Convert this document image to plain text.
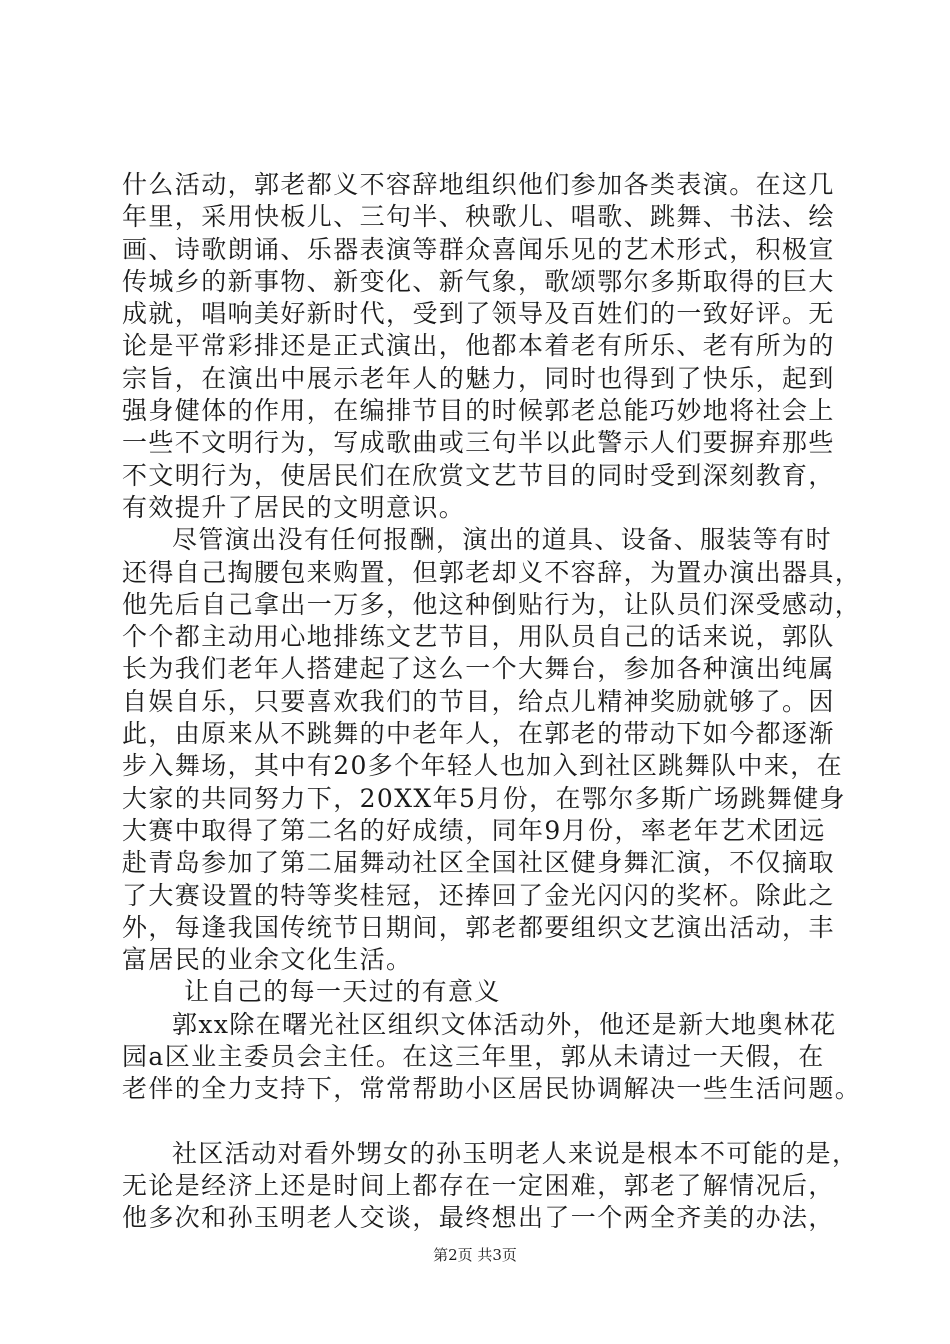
什么活动，郭老都义不容辞地组织他们参加各类表演。在这几
年里，采用快板儿、三句半、秧歌儿、唱歌、跳舞、书法、绘
画、诗歌朗诵、乐器表演等群众喜闻乐见的艺术形式，积极宣
传城乡的新事物、新变化、新气象，歌颂鄂尔多斯取得的巨大
成就，唱响美好新时代，受到了领导及百姓们的一致好评。无
论是平常彩排还是正式演出，他都本着老有所乐、老有所为的
宗旨，在演出中展示老年人的魅力，同时也得到了快乐，起到
强身健体的作用，在编排节目的时候郭老总能巧妙地将社会上
一些不文明行为，写成歌曲或三句半以此警示人们要摒弃那些
不文明行为，使居民们在欣赏文艺节目的同时受到深刻教育，
有效提升了居民的文明意识。
尽管演出没有任何报酬，演出的道具、设备、服装等有时
还得自己掏腰包来购置，但郭老却义不容辞，为置办演出器具，
他先后自己拿出一万多，他这种倒贴行为，让队员们深受感动，
个个都主动用心地排练文艺节目，用队员自己的话来说，郭队
长为我们老年人搭建起了这么一个大舞台，参加各种演出纯属
自娱自乐，只要喜欢我们的节目，给点儿精神奖励就够了。因
此，由原来从不跳舞的中老年人，在郭老的带动下如今都逐渐
步入舞场，其中有20多个年轻人也加入到社区跳舞队中来，在
大家的共同努力下，20XX年5月份，在鄂尔多斯广场跳舞健身
大赛中取得了第二名的好成绩，同年9月份，率老年艺术团远
赴青岛参加了第二届舞动社区全国社区健身舞汇演，不仅摘取
了大赛设置的特等奖桂冠，还捧回了金光闪闪的奖杯。除此之
外，每逢我国传统节日期间，郭老都要组织文艺演出活动，丰
富居民的业余文化生活。
让自己的每一天过的有意义
郭xx除在曙光社区组织文体活动外，他还是新大地奥林花
园a区业主委员会主任。在这三年里，郭从未请过一天假，在
老伴的全力支持下，常常帮助小区居民协调解决一些生活问题。
社区活动对看外甥女的孙玉明老人来说是根本不可能的是，
无论是经济上还是时间上都存在一定困难，郭老了解情况后，
他多次和孙玉明老人交谈，最终想出了一个两全齐美的办法，
第2页 共3页
